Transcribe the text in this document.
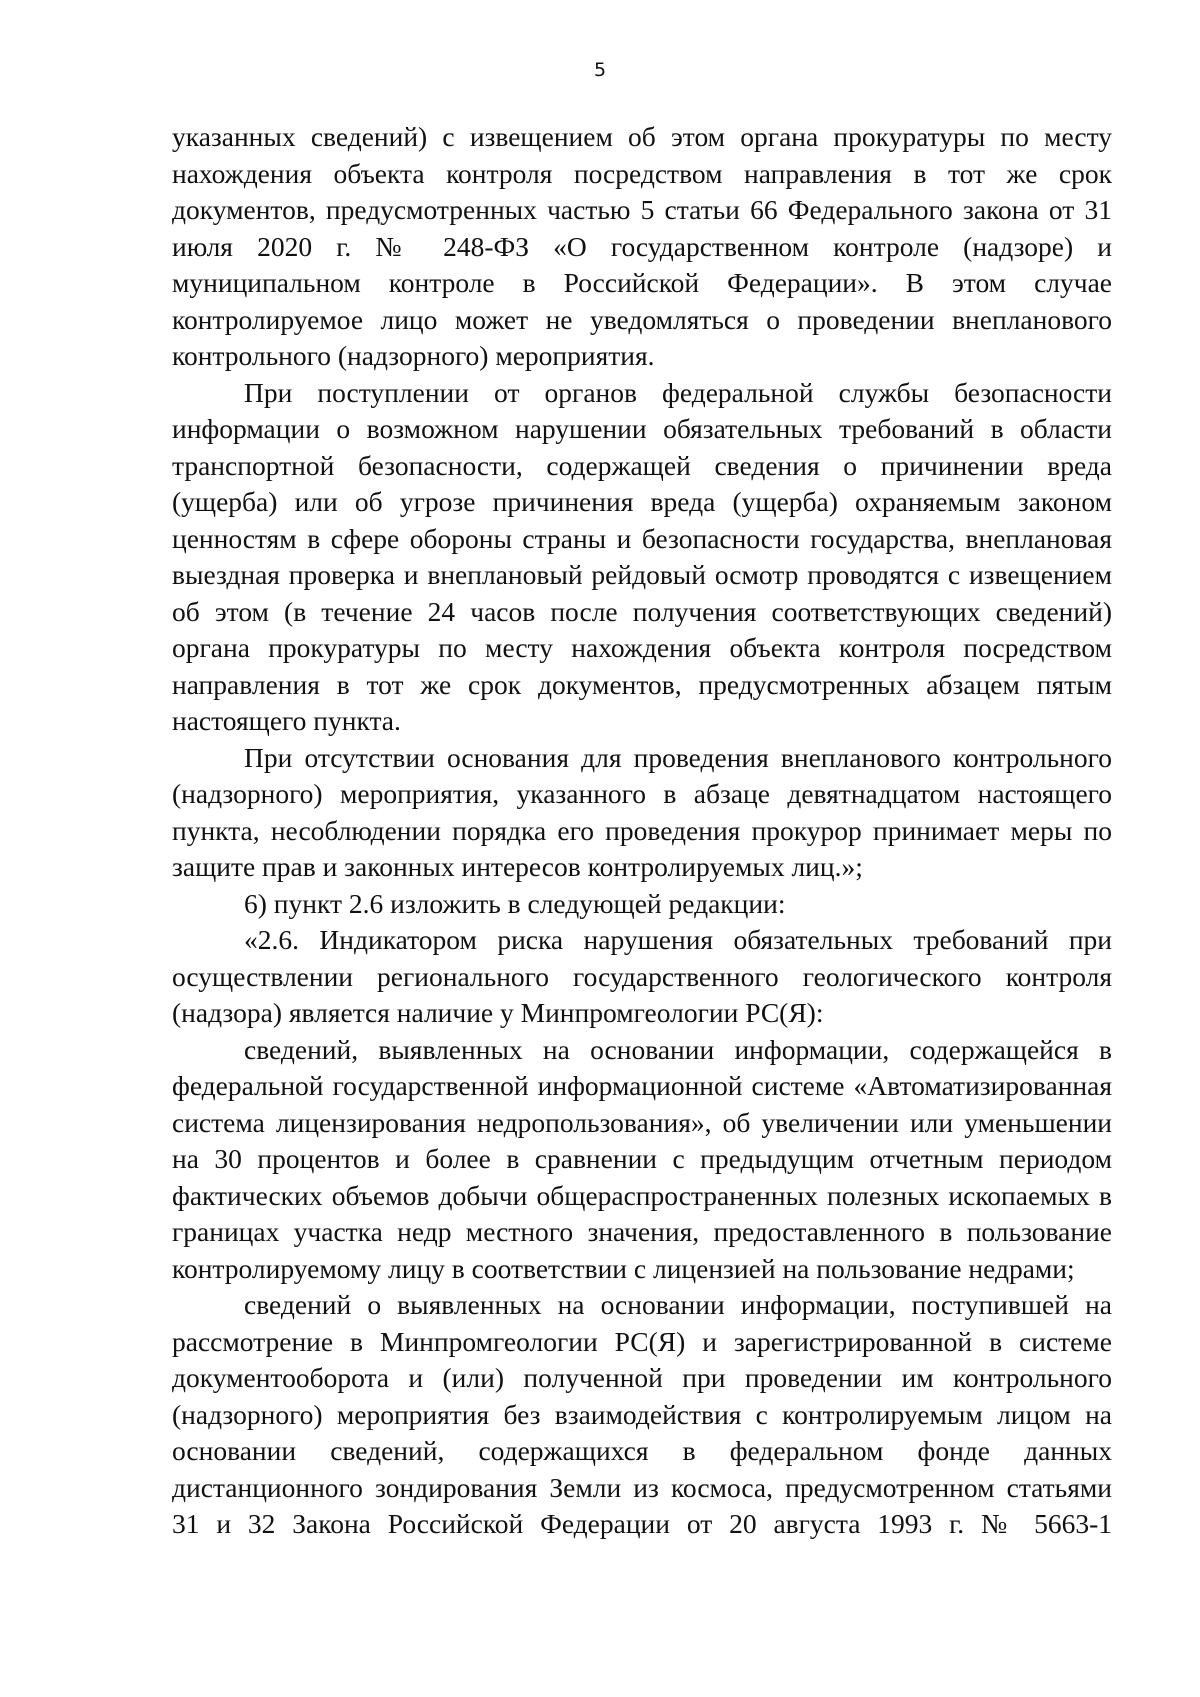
5

указанных сведений) с извещением об этом органа прокуратуры по месту нахождения объекта контроля посредством направления в тот же срок документов, предусмотренных частью 5 статьи 66 Федерального закона от 31 июля 2020 г. № 248-ФЗ «О государственном контроле (надзоре) и муниципальном контроле в Российской Федерации». В этом случае контролируемое лицо может не уведомляться о проведении внепланового контрольного (надзорного) мероприятия.

При поступлении от органов федеральной службы безопасности информации о возможном нарушении обязательных требований в области транспортной безопасности, содержащей сведения о причинении вреда (ущерба) или об угрозе причинения вреда (ущерба) охраняемым законом ценностям в сфере обороны страны и безопасности государства, внеплановая выездная проверка и внеплановый рейдовый осмотр проводятся с извещением об этом (в течение 24 часов после получения соответствующих сведений) органа прокуратуры по месту нахождения объекта контроля посредством направления в тот же срок документов, предусмотренных абзацем пятым настоящего пункта.

При отсутствии основания для проведения внепланового контрольного (надзорного) мероприятия, указанного в абзаце девятнадцатом настоящего пункта, несоблюдении порядка его проведения прокурор принимает меры по защите прав и законных интересов контролируемых лиц.»;

6) пункт 2.6 изложить в следующей редакции:

«2.6. Индикатором риска нарушения обязательных требований при осуществлении регионального государственного геологического контроля (надзора) является наличие у Минпромгеологии РС(Я):

сведений, выявленных на основании информации, содержащейся в федеральной государственной информационной системе «Автоматизированная система лицензирования недропользования», об увеличении или уменьшении на 30 процентов и более в сравнении с предыдущим отчетным периодом фактических объемов добычи общераспространенных полезных ископаемых в границах участка недр местного значения, предоставленного в пользование контролируемому лицу в соответствии с лицензией на пользование недрами;

сведений о выявленных на основании информации, поступившей на рассмотрение в Минпромгеологии РС(Я) и зарегистрированной в системе документооборота и (или) полученной при проведении им контрольного (надзорного) мероприятия без взаимодействия с контролируемым лицом на основании сведений, содержащихся в федеральном фонде данных дистанционного зондирования Земли из космоса, предусмотренном статьями 31 и 32 Закона Российской Федерации от 20 августа 1993 г. № 5663-1
